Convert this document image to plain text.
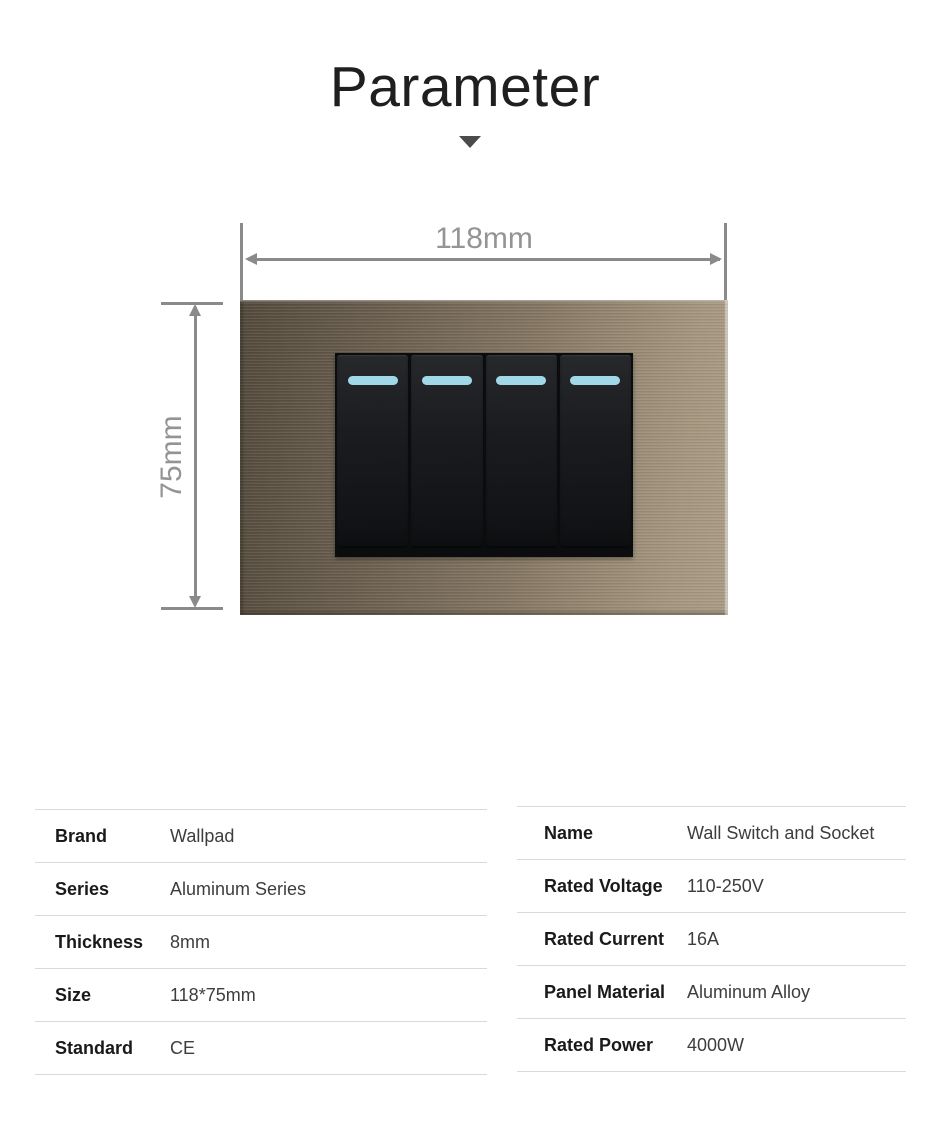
Parameter
118mm
75mm
Brand	Wallpad
Series	Aluminum Series
Thickness	8mm
Size	118*75mm
Standard	CE
Name	Wall Switch and Socket
Rated Voltage	110-250V
Rated Current	16A
Panel Material	Aluminum Alloy
Rated Power	4000W
